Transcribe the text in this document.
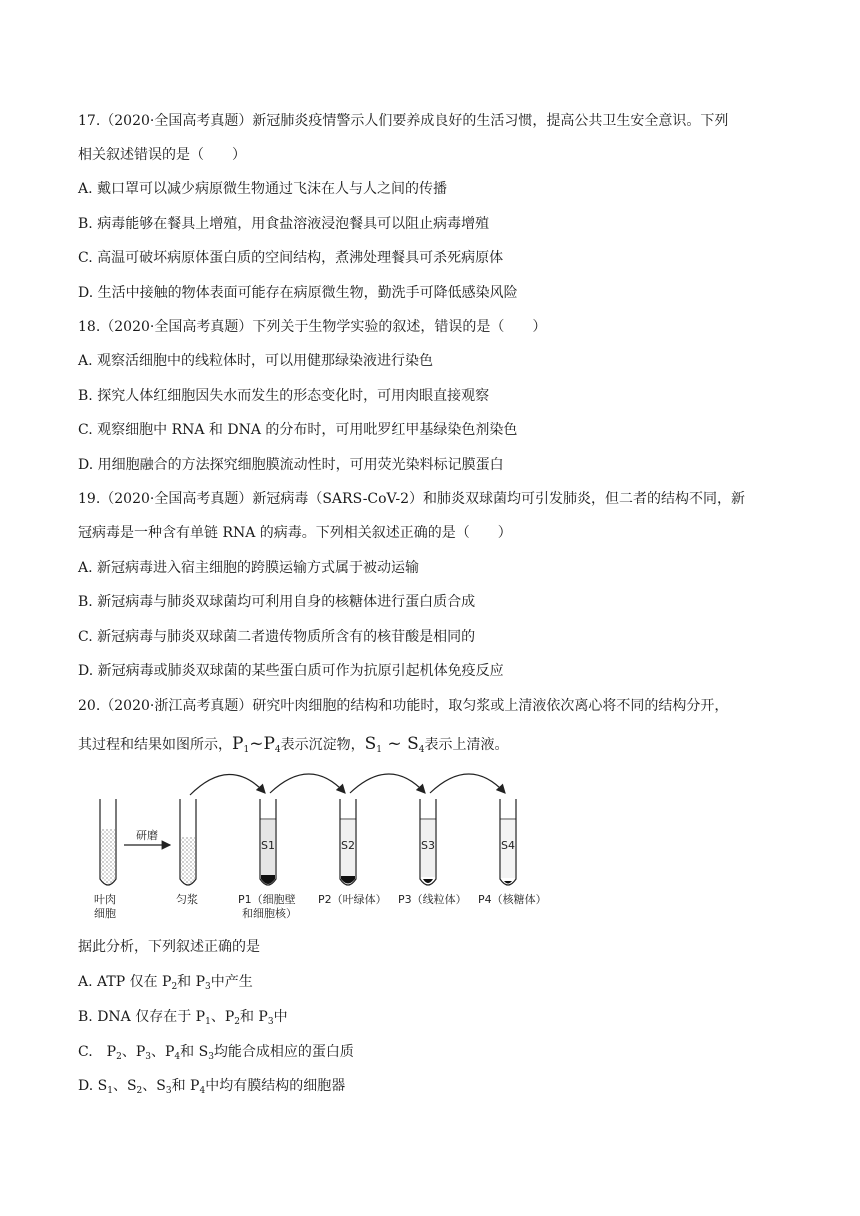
17.（2020·全国高考真题）新冠肺炎疫情警示人们要养成良好的生活习惯，提高公共卫生安全意识。下列
相关叙述错误的是（　　）
A. 戴口罩可以减少病原微生物通过飞沫在人与人之间的传播
B. 病毒能够在餐具上增殖，用食盐溶液浸泡餐具可以阻止病毒增殖
C. 高温可破坏病原体蛋白质的空间结构，煮沸处理餐具可杀死病原体
D. 生活中接触的物体表面可能存在病原微生物，勤洗手可降低感染风险
18.（2020·全国高考真题）下列关于生物学实验的叙述，错误的是（　　）
A. 观察活细胞中的线粒体时，可以用健那绿染液进行染色
B. 探究人体红细胞因失水而发生的形态变化时，可用肉眼直接观察
C. 观察细胞中 RNA 和 DNA 的分布时，可用吡罗红甲基绿染色剂染色
D. 用细胞融合的方法探究细胞膜流动性时，可用荧光染料标记膜蛋白
19.（2020·全国高考真题）新冠病毒（SARS-CoV-2）和肺炎双球菌均可引发肺炎，但二者的结构不同，新
冠病毒是一种含有单链 RNA 的病毒。下列相关叙述正确的是（　　）
A. 新冠病毒进入宿主细胞的跨膜运输方式属于被动运输
B. 新冠病毒与肺炎双球菌均可利用自身的核糖体进行蛋白质合成
C. 新冠病毒与肺炎双球菌二者遗传物质所含有的核苷酸是相同的
D. 新冠病毒或肺炎双球菌的某些蛋白质可作为抗原引起机体免疫反应
20.（2020·浙江高考真题）研究叶肉细胞的结构和功能时，取匀浆或上清液依次离心将不同的结构分开，
其过程和结果如图所示，$P_1\sim P_4$表示沉淀物，$S_1$ ~ $S_4$表示上清液。
研磨
S1	S2	S3	S4
叶肉
细胞
匀浆	P1（细胞壁
和细胞核）
P2（叶绿体） P3（线粒体） P4（核糖体）
据此分析，下列叙述正确的是
A. ATP 仅在 $P_2$和 $P_3$中产生
B. DNA 仅存在于 $P_1$、$P_2$和 $P_3$中
C.　$P_2$、$P_3$、$P_4$和 $S_3$均能合成相应的蛋白质
D. $S_1$、$S_2$、$S_3$和 $P_4$中均有膜结构的细胞器
